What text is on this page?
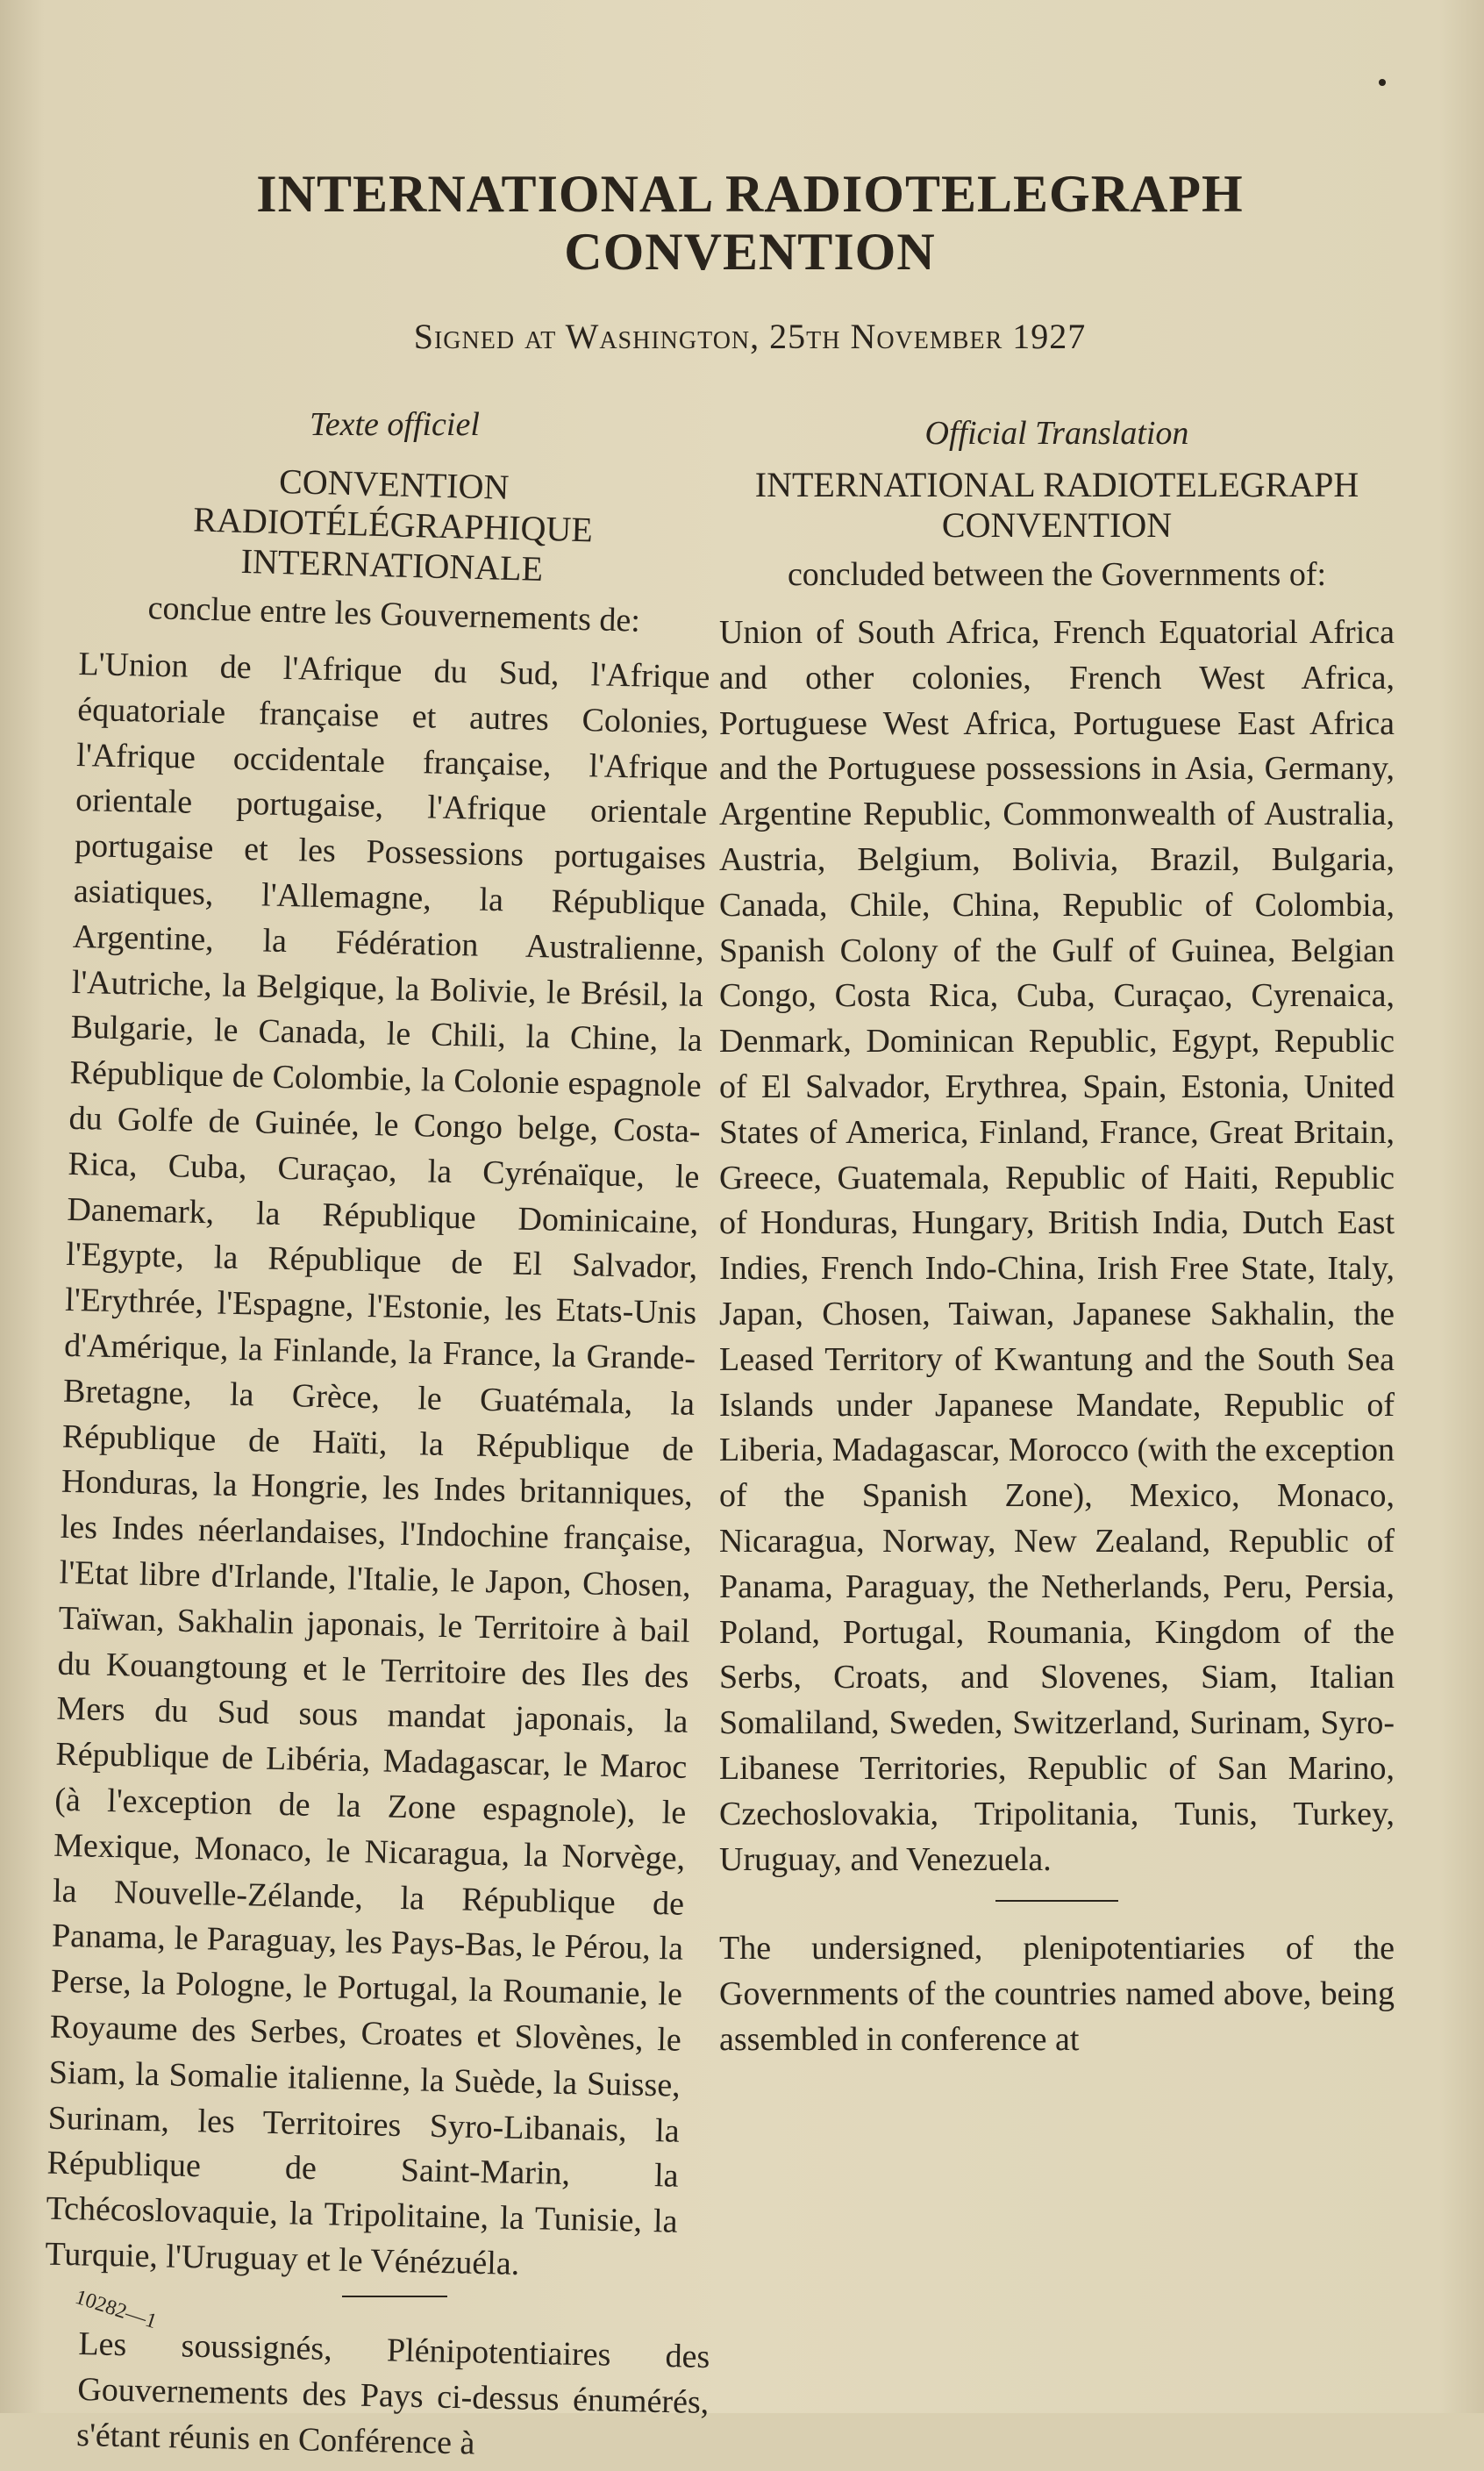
INTERNATIONAL RADIOTELEGRAPH
CONVENTION
Signed at Washington, 25th November 1927

Texte officiel

CONVENTION RADIOTÉLÉGRAPHIQUE INTERNATIONALE

conclue entre les Gouvernements de:

L'Union de l'Afrique du Sud, l'Afrique équatoriale française et autres Colonies, l'Afrique occidentale française, l'Afrique orientale portugaise, l'Afrique orientale portugaise et les Possessions portugaises asiatiques, l'Allemagne, la République Argentine, la Fédération Australienne, l'Autriche, la Belgique, la Bolivie, le Brésil, la Bulgarie, le Canada, le Chili, la Chine, la République de Colombie, la Colonie espagnole du Golfe de Guinée, le Congo belge, Costa-Rica, Cuba, Curaçao, la Cyrénaïque, le Danemark, la République Dominicaine, l'Egypte, la République de El Salvador, l'Erythrée, l'Espagne, l'Estonie, les Etats-Unis d'Amérique, la Finlande, la France, la Grande-Bretagne, la Grèce, le Guatémala, la République de Haïti, la République de Honduras, la Hongrie, les Indes britanniques, les Indes néerlandaises, l'Indochine française, l'Etat libre d'Irlande, l'Italie, le Japon, Chosen, Taïwan, Sakhalin japonais, le Territoire à bail du Kouangtoung et le Territoire des Iles des Mers du Sud sous mandat japonais, la République de Libéria, Madagascar, le Maroc (à l'exception de la Zone espagnole), le Mexique, Monaco, le Nicaragua, la Norvège, la Nouvelle-Zélande, la République de Panama, le Paraguay, les Pays-Bas, le Pérou, la Perse, la Pologne, le Portugal, la Roumanie, le Royaume des Serbes, Croates et Slovènes, le Siam, la Somalie italienne, la Suède, la Suisse, Surinam, les Territoires Syro-Libanais, la République de Saint-Marin, la Tchécoslovaquie, la Tripolitaine, la Tunisie, la Turquie, l'Uruguay et le Vénézuéla.

Les soussignés, Plénipotentiaires des Gouvernements des Pays ci-dessus énumérés, s'étant réunis en Conférence à

Official Translation

INTERNATIONAL RADIOTELEGRAPH CONVENTION

concluded between the Governments of:

Union of South Africa, French Equatorial Africa and other colonies, French West Africa, Portuguese West Africa, Portuguese East Africa and the Portuguese possessions in Asia, Germany, Argentine Republic, Commonwealth of Australia, Austria, Belgium, Bolivia, Brazil, Bulgaria, Canada, Chile, China, Republic of Colombia, Spanish Colony of the Gulf of Guinea, Belgian Congo, Costa Rica, Cuba, Curaçao, Cyrenaica, Denmark, Dominican Republic, Egypt, Republic of El Salvador, Erythrea, Spain, Estonia, United States of America, Finland, France, Great Britain, Greece, Guatemala, Republic of Haiti, Republic of Honduras, Hungary, British India, Dutch East Indies, French Indo-China, Irish Free State, Italy, Japan, Chosen, Taiwan, Japanese Sakhalin, the Leased Territory of Kwantung and the South Sea Islands under Japanese Mandate, Republic of Liberia, Madagascar, Morocco (with the exception of the Spanish Zone), Mexico, Monaco, Nicaragua, Norway, New Zealand, Republic of Panama, Paraguay, the Netherlands, Peru, Persia, Poland, Portugal, Roumania, Kingdom of the Serbs, Croats, and Slovenes, Siam, Italian Somaliland, Sweden, Switzerland, Surinam, Syro-Libanese Territories, Republic of San Marino, Czechoslovakia, Tripolitania, Tunis, Turkey, Uruguay, and Venezuela.

The undersigned, plenipotentiaries of the Governments of the countries named above, being assembled in conference at

10282—1
